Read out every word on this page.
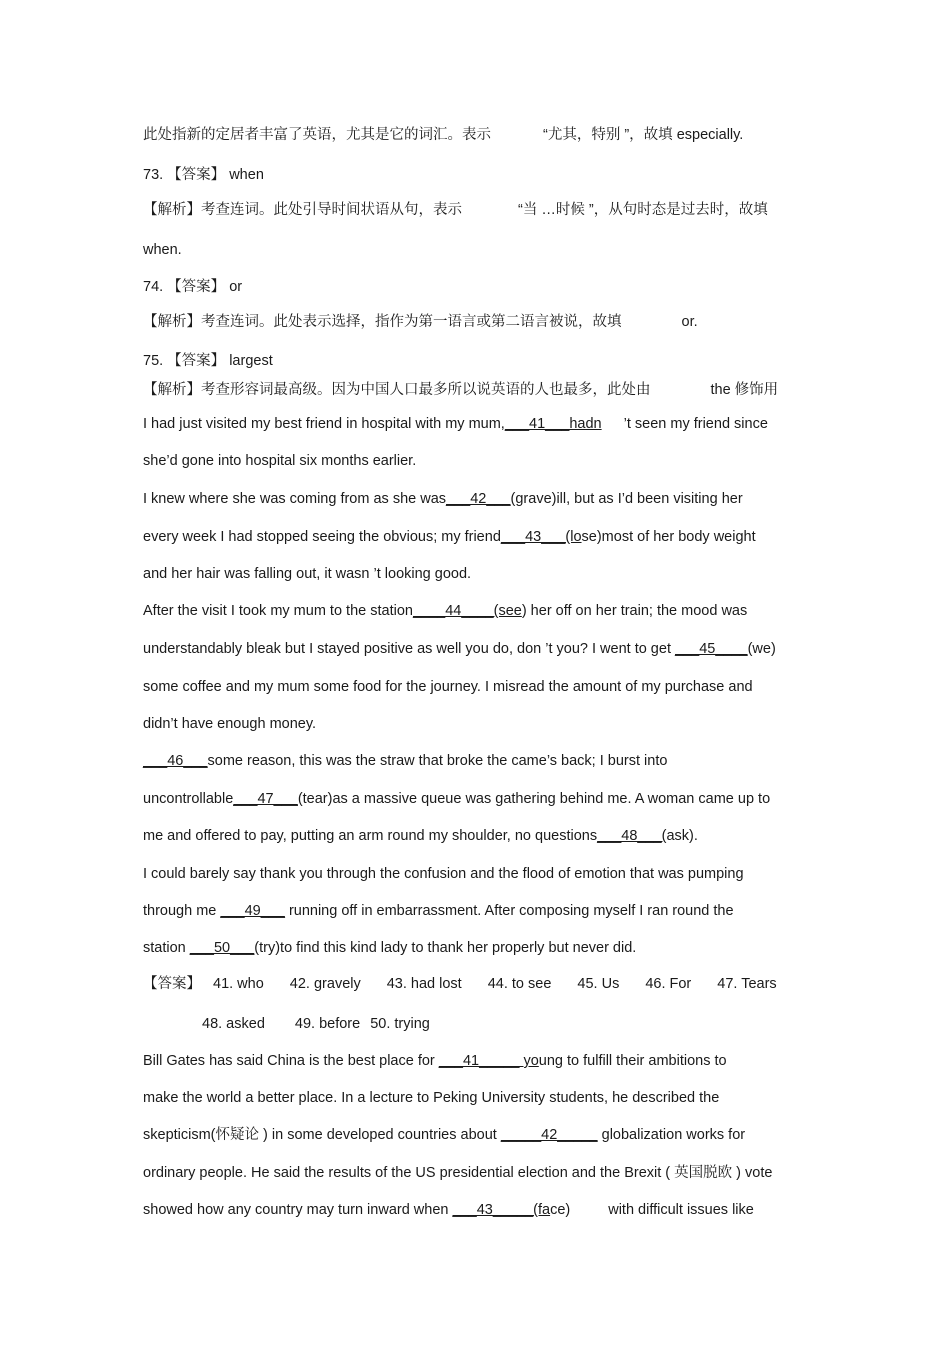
此处指新的定居者丰富了英语，尤其是它的词汇。表示	“尤其，特别 ”，故填 especially.
73. 【答案】 when
【解析】考查连词。此处引导时间状语从句，表示	“当 …时候 ”，从句时态是过去时，故填
when.
74. 【答案】 or
【解析】考查连词。此处表示选择，指作为第一语言或第二语言被说，故填	or.
75. 【答案】 largest
【解析】考查形容词最高级。因为中国人口最多所以说英语的人也最多，此处由	the 修饰用
I had just visited my best friend in hospital with my mum,___41___hadn ’t seen my friend since
she’d gone into hospital six months earlier.
I knew where she was coming from as she was___42___(grave)ill, but as I’d been visiting her
every week I had stopped seeing the obvious; my friend___43___(lose)most of her body weight
and her hair was falling out, it wasn ’t looking good.
After the visit I took my mum to the station____44____(see) her off on her train; the mood was
understandably bleak but I stayed positive as well you do, don ’t you? I went to get ___45____(we)
some coffee and my mum some food for the journey. I misread the amount of my purchase and
didn’t have enough money.
___46___some reason, this was the straw that broke the came’s back; I burst into
uncontrollable___47___(tear)as a massive queue was gathering behind me. A woman came up to
me and offered to pay, putting an arm round my shoulder, no questions___48___(ask).
I could barely say thank you through the confusion and the flood of emotion that was pumping
through me ___49___ running off in embarrassment. After composing myself I ran round the
station ___50___(try)to find this kind lady to thank her properly but never did.
【答案】 41. who 42. gravely 43. had lost 44. to see 45. Us 46. For 47. Tears
48. asked 49. before 50. trying
Bill Gates has said China is the best place for ___41_____ young to fulfill their ambitions to
make the world a better place. In a lecture to Peking University students, he described the
skepticism(怀疑论 ) in some developed countries about _____42_____ globalization works for
ordinary people. He said the results of the US presidential election and the Brexit ( 英国脱欧 ) vote
showed how any country may turn inward when ___43_____(face)	with difficult issues like
